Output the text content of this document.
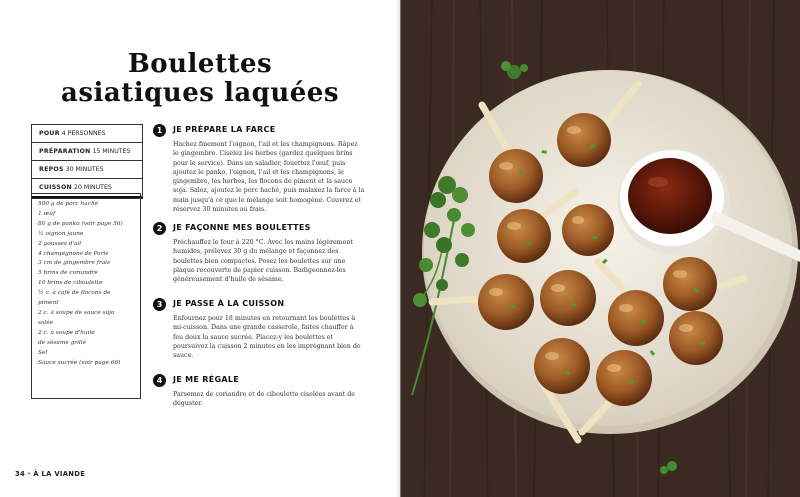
Boulettes
asiatiques laquées
POUR 4 PERSONNES
PRÉPARATION 15 MINUTES
REPOS 30 MINUTES
CUISSON 20 MINUTES
500 g de porc haché
1 œuf
80 g de panko (voir page 56)
½ oignon jaune
2 gousses d'ail
4 champignons de Paris
3 cm de gingembre frais
5 brins de coriandre
10 brins de ciboulette
½ c. à café de flocons de
piment
2 c. à soupe de sauce soja
salée
2 c. à soupe d'huile
de sésame grillé
Sel
Sauce sucrée (voir page 66)
1	JE PRÉPARE LA FARCE
Hachez finement l'oignon, l'ail et les champignons. Râpez le gingembre. Ciselez les herbes (gardez quelques brins pour le service). Dans un saladier, fouettez l'œuf, puis ajoutez le panko, l'oignon, l'ail et les champignons, le gingembre, les herbes, les flocons de piment et la sauce soja. Salez, ajoutez le porc haché, puis malaxez la farce à la main jusqu'à ce que le mélange soit homogène. Couvrez et réservez 30 minutes au frais.
2	JE FAÇONNE MES BOULETTES
Préchauffez le four à 220 °C. Avec les mains légèrement humides, prélevez 30 g du mélange et façonnez des boulettes bien compactes. Posez les boulettes sur une plaque recouverte de papier cuisson. Badigeonnez-les généreusement d'huile de sésame.
3	JE PASSE À LA CUISSON
Enfournez pour 18 minutes en retournant les boulettes à mi-cuisson. Dans une grande casserole, faites chauffer à feu doux la sauce sucrée. Placez-y les boulettes et poursuivez la cuisson 2 minutes en les imprégnant bien de sauce.
4	JE ME RÉGALE
Parsemez de coriandre et de ciboulette ciselées avant de déguster.
34 · À LA VIANDE
